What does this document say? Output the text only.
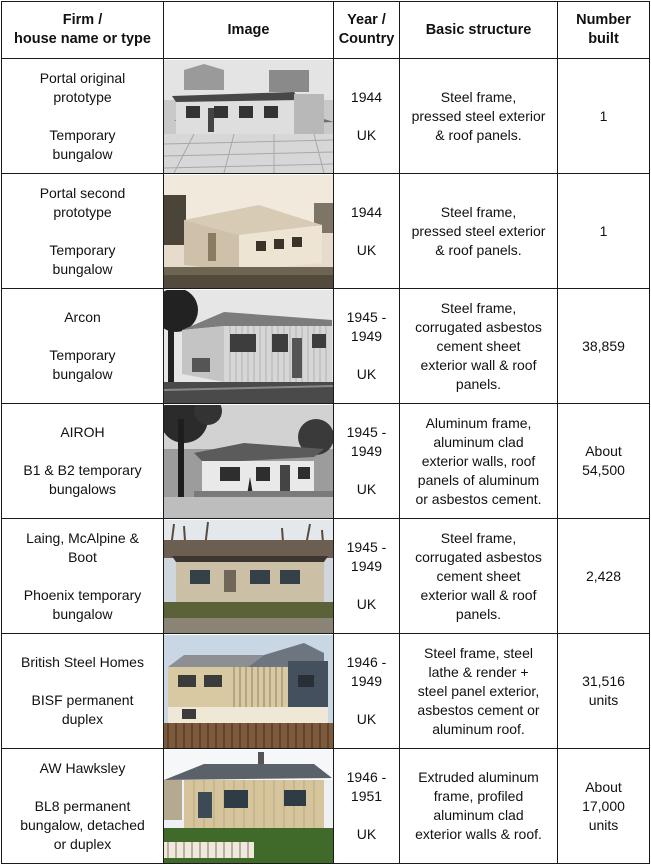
Firm /
house name or type	Image	Year /
Country	Basic structure	Number
built

Portal original
prototype
Temporary
bungalow		1944
UK	Steel frame,
pressed steel exterior
& roof panels.	1

Portal second
prototype
Temporary
bungalow		1944
UK	Steel frame,
pressed steel exterior
& roof panels.	1

Arcon
Temporary
bungalow		1945 -
1949
UK	Steel frame,
corrugated asbestos
cement sheet
exterior wall & roof
panels.	38,859

AIROH
B1 & B2 temporary
bungalows		1945 -
1949
UK	Aluminum frame,
aluminum clad
exterior walls, roof
panels of aluminum
or asbestos cement.	About
54,500

Laing, McAlpine &
Boot
Phoenix temporary
bungalow		1945 -
1949
UK	Steel frame,
corrugated asbestos
cement sheet
exterior wall & roof
panels.	2,428

British Steel Homes
BISF permanent
duplex		1946 -
1949
UK	Steel frame, steel
lathe & render +
steel panel exterior,
asbestos cement or
aluminum roof.	31,516
units

AW Hawksley
BL8 permanent
bungalow, detached
or duplex		1946 -
1951
UK	Extruded aluminum
frame, profiled
aluminum clad
exterior walls & roof.	About
17,000
units
